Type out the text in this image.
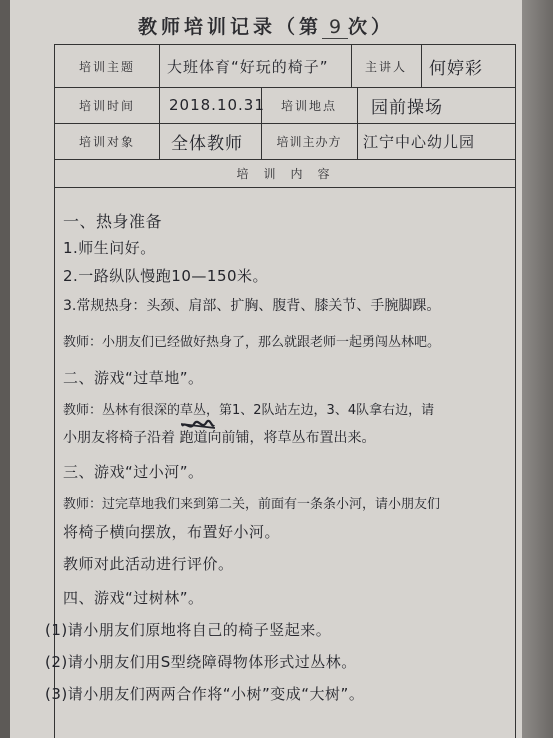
教师培训记录（第 9 次）
培训主题	大班体育“好玩的椅子”	主讲人	何婷彩
培训时间	2018.10.31	培训地点	园前操场
培训对象	全体教师	培训主办方	江宁中心幼儿园
培 训 内 容
一、热身准备
1.师生问好。
2.一路纵队慢跑10—150米。
3.常规热身：头颈、肩部、扩胸、腹背、膝关节、手腕脚踝。
教师：小朋友们已经做好热身了，那么就跟老师一起勇闯丛林吧。
二、游戏“过草地”。
教师：丛林有很深的草丛，第1、2队站左边，3、4队拿右边，请
小朋友将椅子沿着 跑道向前铺，将草丛布置出来。
三、游戏“过小河”。
教师：过完草地我们来到第二关，前面有一条条小河，请小朋友们
将椅子横向摆放，布置好小河。
教师对此活动进行评价。
四、游戏“过树林”。
(1)请小朋友们原地将自己的椅子竖起来。
(2)请小朋友们用S型绕障碍物体形式过丛林。
(3)请小朋友们两两合作将“小树”变成“大树”。
